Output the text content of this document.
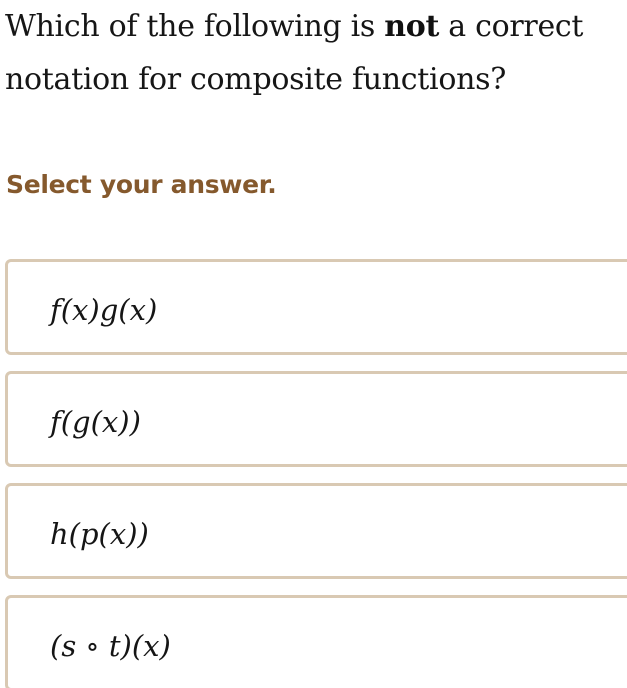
Which of the following is not a correct
notation for composite functions?
Select your answer.
f(x)g(x)
f(g(x))
h(p(x))
(s ∘ t)(x)
